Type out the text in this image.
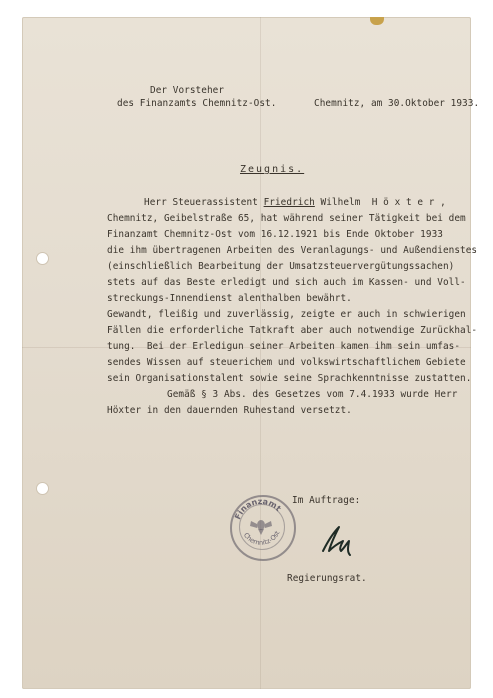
Der Vorsteher
des Finanzamts Chemnitz-Ost.	Chemnitz, am 30.Oktober 1933.
Zeugnis.
Herr Steuerassistent Friedrich Wilhelm  H ö x t e r ,
Chemnitz, Geibelstraße 65, hat während seiner Tätigkeit bei dem
Finanzamt Chemnitz-Ost vom 16.12.1921 bis Ende Oktober 1933
die ihm übertragenen Arbeiten des Veranlagungs- und Außendienstes
(einschließlich Bearbeitung der Umsatzsteuervergütungssachen)
stets auf das Beste erledigt und sich auch im Kassen- und Voll-
streckungs-Innendienst alenthalben bewährt.
Gewandt, fleißig und zuverlässig, zeigte er auch in schwierigen
Fällen die erforderliche Tatkraft aber auch notwendige Zurückhal-
tung.  Bei der Erledigun seiner Arbeiten kamen ihm sein umfas-
sendes Wissen auf steuerichem und volkswirtschaftlichem Gebiete
sein Organisationstalent sowie seine Sprachkenntnisse zustatten.
Gemäß § 3 Abs. des Gesetzes vom 7.4.1933 wurde Herr
Höxter in den dauernden Ruhestand versetzt.
Im Auftrage:
Finanzamt
Chemnitz-Ost
Regierungsrat.
